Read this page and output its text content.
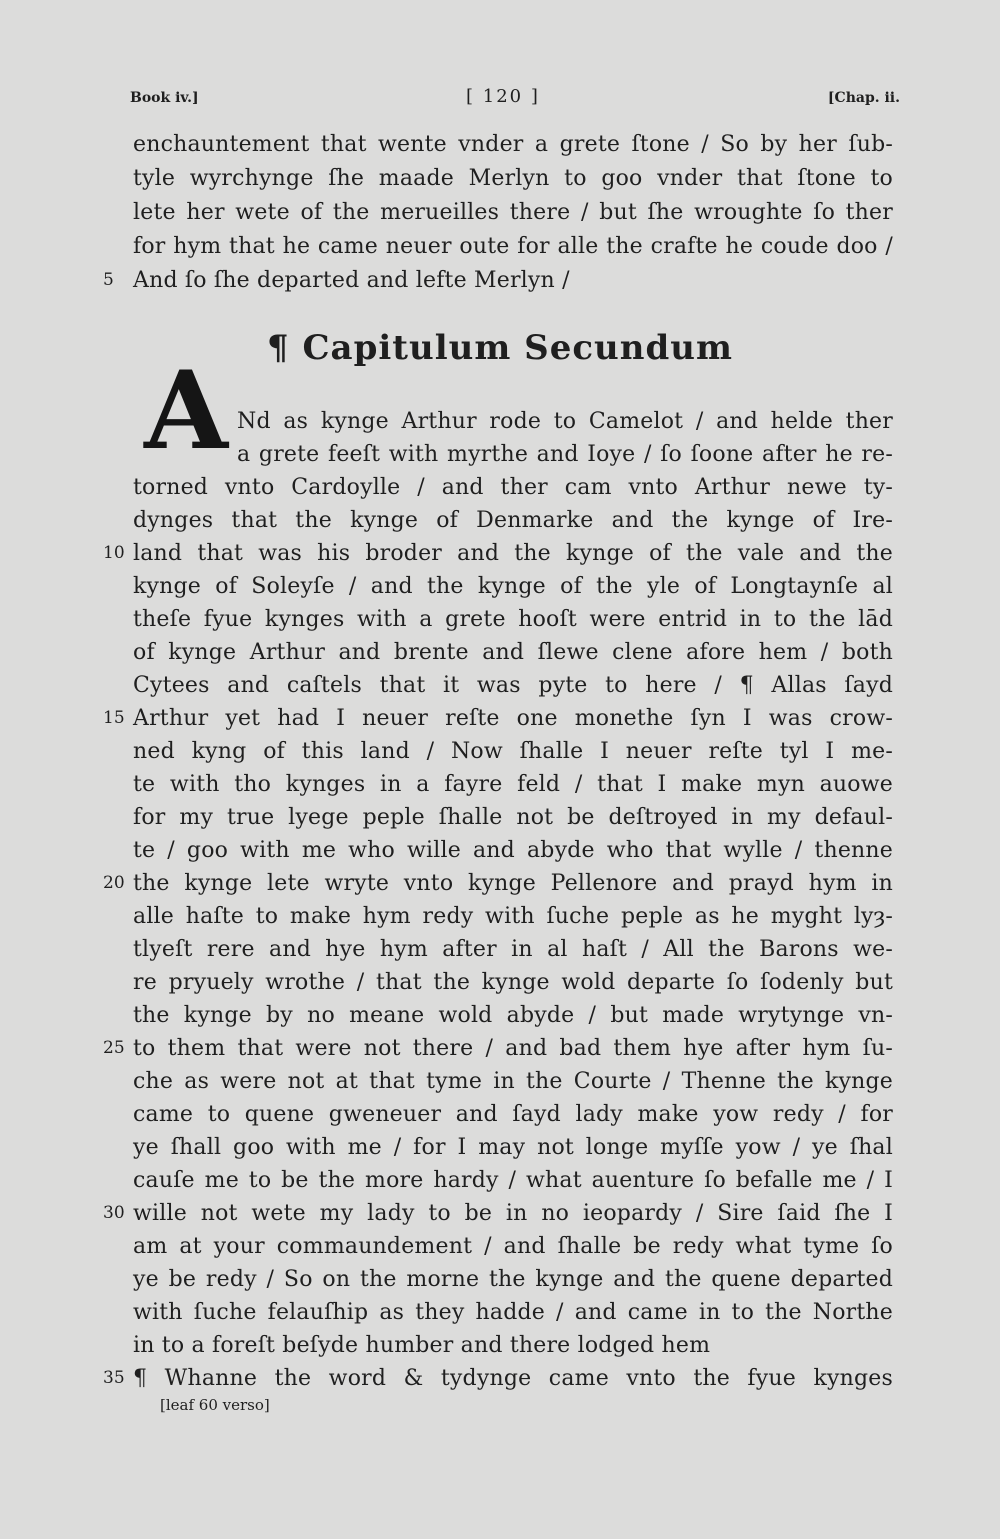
Book iv.]	[ 120 ]	[Chap. ii.
enchauntement that wente vnder a grete ſtone / So by her ſub-
tyle wyrchynge ſhe maade Merlyn to goo vnder that ſtone to
lete her wete of the merueilles there / but ſhe wroughte ſo ther
for hym that he came neuer oute for alle the crafte he coude doo /
And ſo ſhe departed and lefte Merlyn /
5
¶ Capitulum Secundum
A Nd as kynge Arthur rode to Camelot / and helde ther
a grete feeſt with myrthe and Ioye / ſo ſoone after he re-
torned vnto Cardoylle / and ther cam vnto Arthur newe ty-
dynges that the kynge of Denmarke and the kynge of Ire-
land that was his broder and the kynge of the vale and the
kynge of Soleyſe / and the kynge of the yle of Longtaynſe al
theſe fyue kynges with a grete hooſt were entrid in to the lād
of kynge Arthur and brente and ſlewe clene afore hem / both
Cytees and caſtels that it was pyte to here / ¶ Allas ſayd
Arthur yet had I neuer reſte one monethe ſyn I was crow-
ned kyng of this land / Now ſhalle I neuer reſte tyl I me-
te with tho kynges in a fayre feld / that I make myn auowe
for my true lyege peple ſhalle not be deſtroyed in my defaul-
te / goo with me who wille and abyde who that wylle / thenne
the kynge lete wryte vnto kynge Pellenore and prayd hym in
alle haſte to make hym redy with ſuche peple as he myght lyȝ-
tlyeſt rere and hye hym after in al haſt / All the Barons we-
re pryuely wrothe / that the kynge wold departe ſo ſodenly but
the kynge by no meane wold abyde / but made wrytynge vn-
to them that were not there / and bad them hye after hym ſu-
che as were not at that tyme in the Courte / Thenne the kynge
came to quene gweneuer and ſayd lady make yow redy / for
ye ſhall goo with me / for I may not longe myſſe yow / ye ſhal
cauſe me to be the more hardy / what auenture ſo befalle me / I
wille not wete my lady to be in no ieopardy / Sire ſaid ſhe I
am at your commaundement / and ſhalle be redy what tyme ſo
ye be redy / So on the morne the kynge and the quene departed
with ſuche felauſhip as they hadde / and came in to the Northe
in to a foreſt beſyde humber and there lodged hem
¶ Whanne the word & tydynge came vnto the fyue kynges
10
15
20
25
30
35
[leaf 60 verso]
